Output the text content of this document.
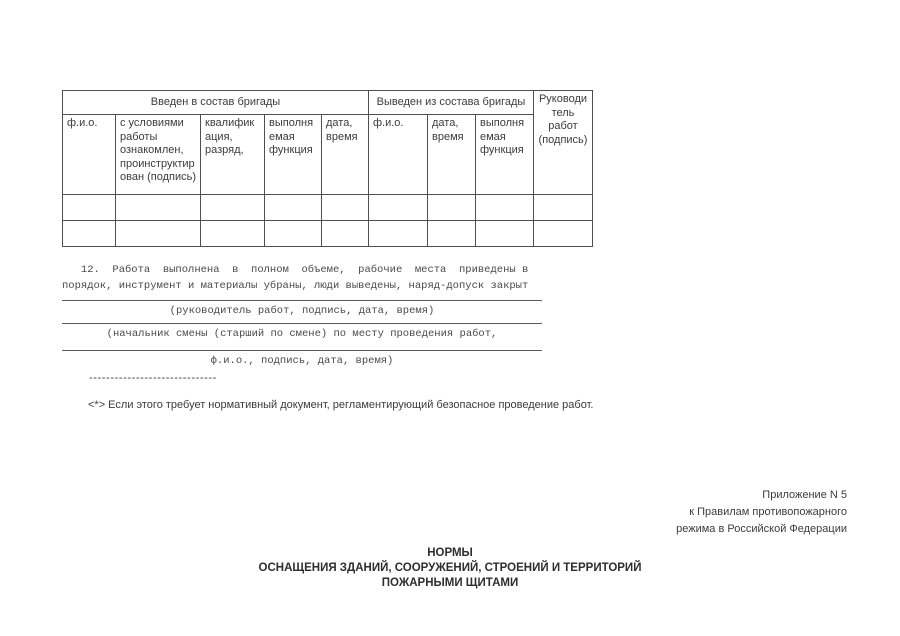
Введен в состав бригады					Выведен из состава бригады			Руководитель работ (подпись)
ф.и.о.	с условиями работы ознакомлен, проинструктирован (подпись)	квалификация, разряд,	выполняемая функция	дата, время	ф.и.о.	дата, время	выполняемая функция	

12.  Работа  выполнена  в  полном  объеме,  рабочие  места  приведены в
порядок, инструмент и материалы убраны, люди выведены, наряд-допуск закрыт
(руководитель работ, подпись, дата, время)
(начальник смены (старший по смене) по месту проведения работ,
ф.и.о., подпись, дата, время)
------------------------------
<*> Если этого требует нормативный документ, регламентирующий безопасное проведение работ.
Приложение N 5
к Правилам противопожарного
режима в Российской Федерации
НОРМЫ
ОСНАЩЕНИЯ ЗДАНИЙ, СООРУЖЕНИЙ, СТРОЕНИЙ И ТЕРРИТОРИЙ
ПОЖАРНЫМИ ЩИТАМИ
